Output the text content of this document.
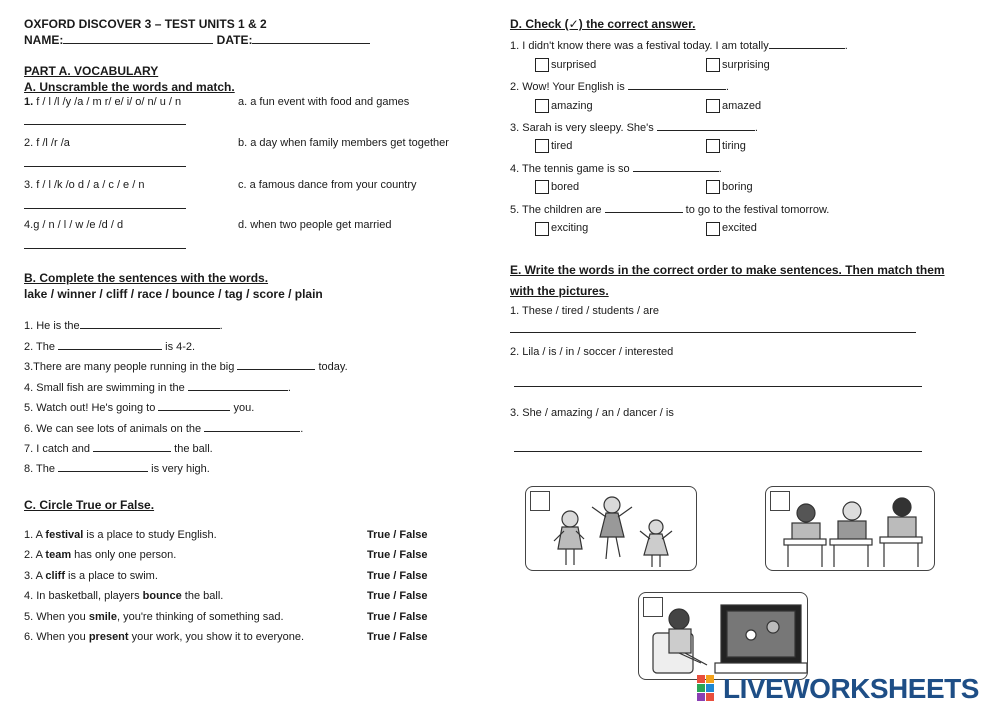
OXFORD DISCOVER 3 – TEST UNITS 1 & 2
NAME:	DATE:
PART A. VOCABULARY
A. Unscramble the words and match.
1. f / l /l /y /a / m r/ e/ i/ o/ n/ u / n	a. a fun event with food and games
2. f /l /r /a	b. a day when family members get together
3. f / l /k /o d / a / c / e / n	c. a famous dance from your country
4.g / n / l / w /e /d / d	d. when two people get married
B. Complete the sentences with the words.
lake / winner / cliff / race / bounce / tag / score / plain
1. He is the	.
2. The	is 4-2.
3.There are many people running in the big	today.
4. Small fish are swimming in the	.
5. Watch out! He's going to	you.
6. We can see lots of animals on the	.
7. I catch and	the ball.
8. The	is very high.
C. Circle True or False.
1. A festival is a place to study English.	True / False
2. A team has only one person.	True / False
3. A cliff is a place to swim.	True / False
4. In basketball, players bounce the ball.	True / False
5. When you smile, you're thinking of something sad.	True / False
6. When you present your work, you show it to everyone.	True / False
D. Check (✓) the correct answer.
1. I didn't know there was a festival today. I am totally	.
surprised	surprising
2. Wow! Your English is	.
amazing	amazed
3. Sarah is very sleepy. She's	.
tired	tiring
4. The tennis game is so	.
bored	boring
5. The children are	to go to the festival tomorrow.
exciting	excited
E. Write the words in the correct order to make sentences. Then match them
with the pictures.
1. These / tired / students / are
2. Lila / is / in / soccer / interested
3. She / amazing / an / dancer / is
LIVEWORKSHEETS
